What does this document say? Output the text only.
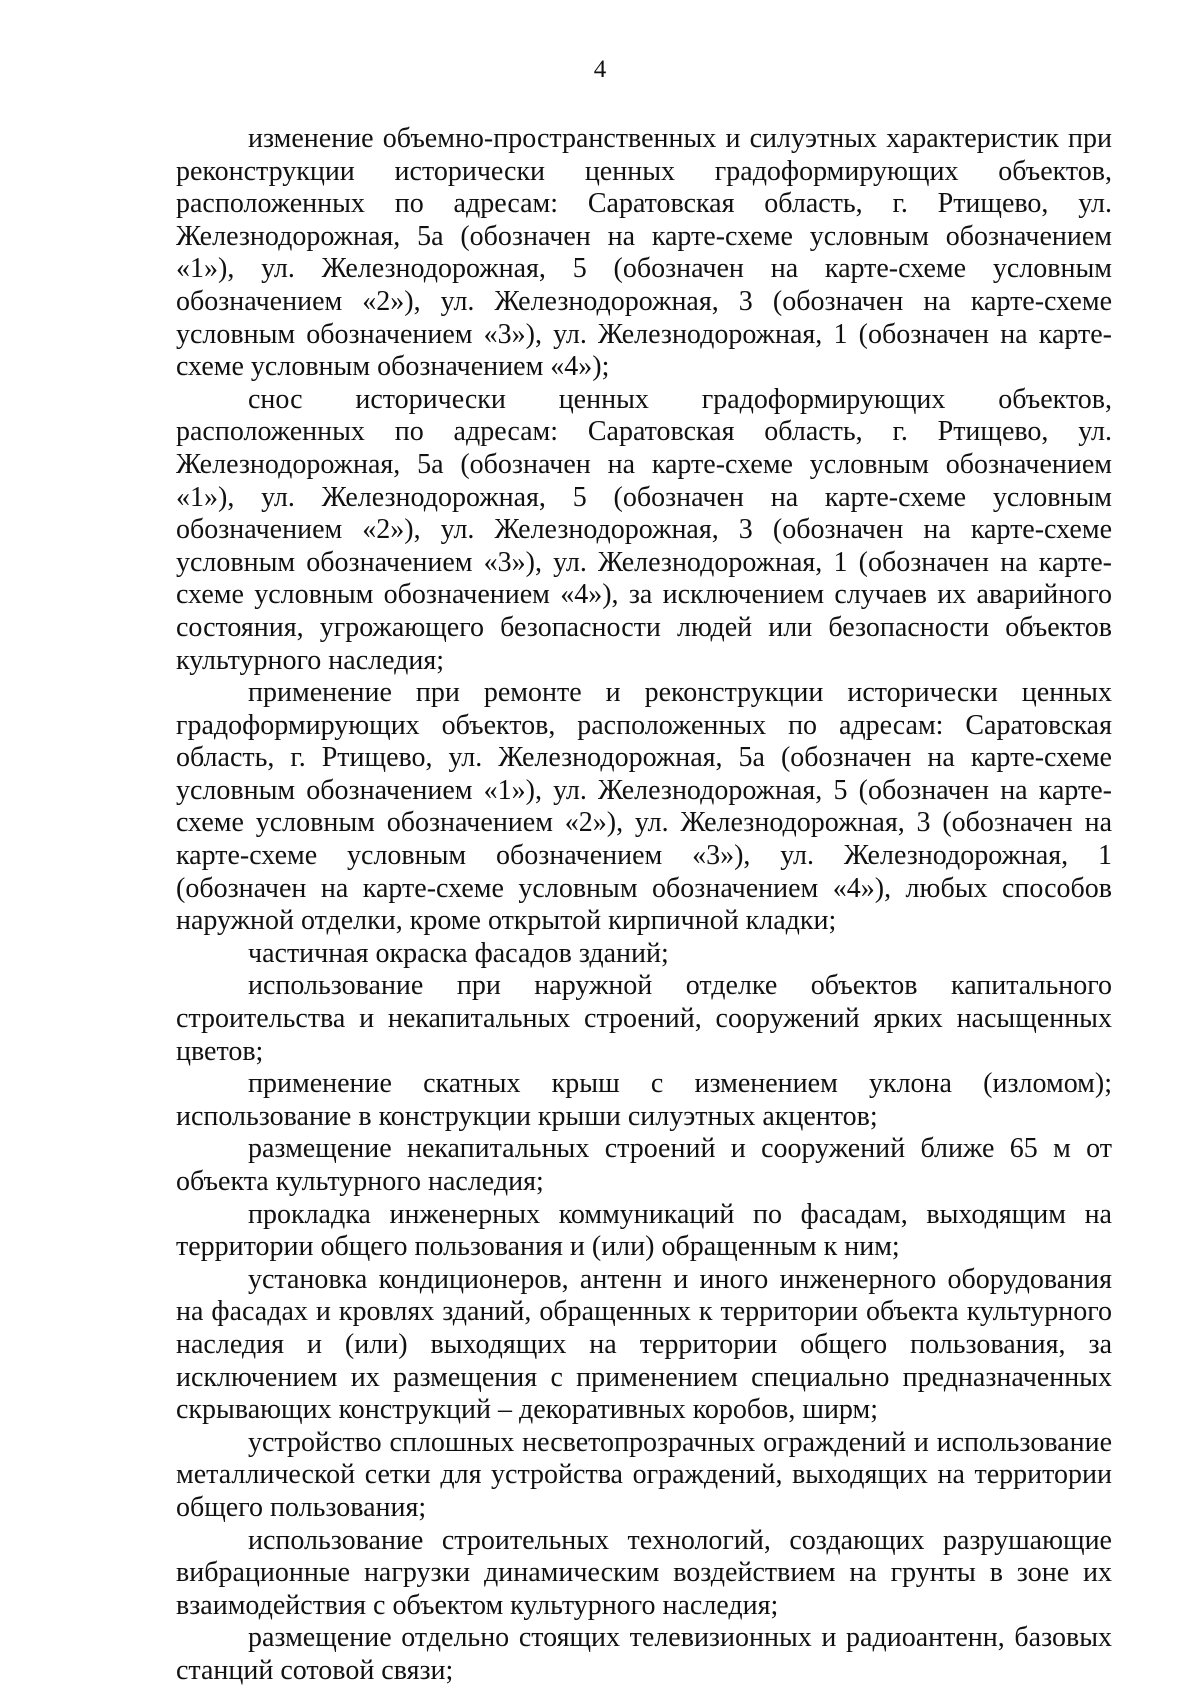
4

изменение объемно-пространственных и силуэтных характеристик при реконструкции исторически ценных градоформирующих объектов, расположенных по адресам: Саратовская область, г. Ртищево, ул. Железнодорожная, 5а (обозначен на карте-схеме условным обозначением «1»), ул. Железнодорожная, 5 (обозначен на карте-схеме условным обозначением «2»), ул. Железнодорожная, 3 (обозначен на карте-схеме условным обозначением «3»), ул. Железнодорожная, 1 (обозначен на карте-схеме условным обозначением «4»);

снос исторически ценных градоформирующих объектов, расположенных по адресам: Саратовская область, г. Ртищево, ул. Железнодорожная, 5а (обозначен на карте-схеме условным обозначением «1»), ул. Железнодорожная, 5 (обозначен на карте-схеме условным обозначением «2»), ул. Железнодорожная, 3 (обозначен на карте-схеме условным обозначением «3»), ул. Железнодорожная, 1 (обозначен на карте-схеме условным обозначением «4»), за исключением случаев их аварийного состояния, угрожающего безопасности людей или безопасности объектов культурного наследия;

применение при ремонте и реконструкции исторически ценных градоформирующих объектов, расположенных по адресам: Саратовская область, г. Ртищево, ул. Железнодорожная, 5а (обозначен на карте-схеме условным обозначением «1»), ул. Железнодорожная, 5 (обозначен на карте-схеме условным обозначением «2»), ул. Железнодорожная, 3 (обозначен на карте-схеме условным обозначением «3»), ул. Железнодорожная, 1 (обозначен на карте-схеме условным обозначением «4»), любых способов наружной отделки, кроме открытой кирпичной кладки;

частичная окраска фасадов зданий;

использование при наружной отделке объектов капитального строительства и некапитальных строений, сооружений ярких насыщенных цветов;

применение скатных крыш с изменением уклона (изломом); использование в конструкции крыши силуэтных акцентов;

размещение некапитальных строений и сооружений ближе 65 м от объекта культурного наследия;

прокладка инженерных коммуникаций по фасадам, выходящим на территории общего пользования и (или) обращенным к ним;

установка кондиционеров, антенн и иного инженерного оборудования на фасадах и кровлях зданий, обращенных к территории объекта культурного наследия и (или) выходящих на территории общего пользования, за исключением их размещения с применением специально предназначенных скрывающих конструкций – декоративных коробов, ширм;

устройство сплошных несветопрозрачных ограждений и использование металлической сетки для устройства ограждений, выходящих на территории общего пользования;

использование строительных технологий, создающих разрушающие вибрационные нагрузки динамическим воздействием на грунты в зоне их взаимодействия с объектом культурного наследия;

размещение отдельно стоящих телевизионных и радиоантенн, базовых станций сотовой связи;
